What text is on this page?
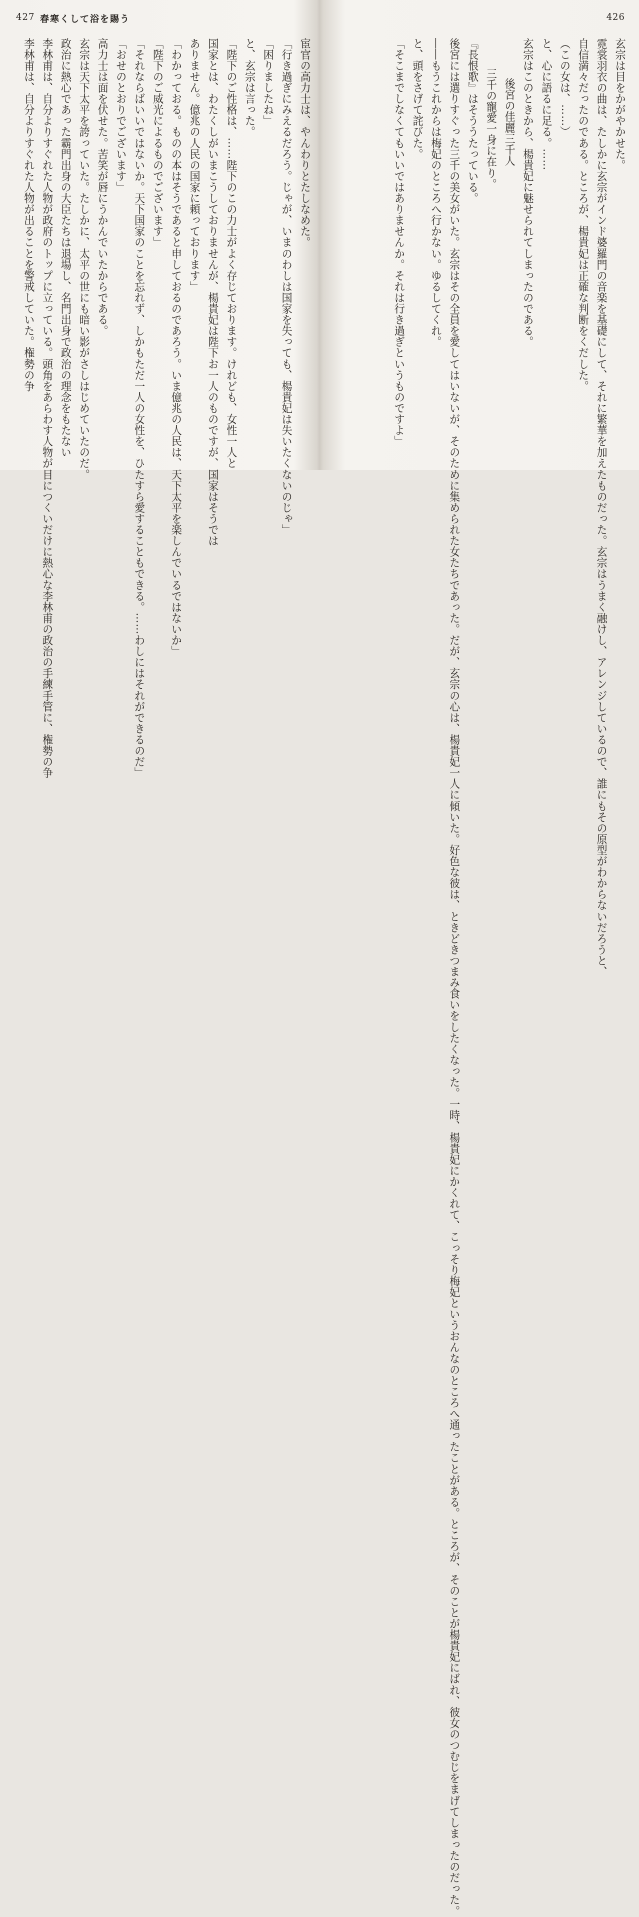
427 春寒くして浴を賜う
宦官の高力士は、やんわりとたしなめた。
「行き過ぎにみえるだろう。じゃが、いまのわしは国家を失っても、楊貴妃は失いたくないのじゃ」
「困りましたね」
と、玄宗は言った。
「陛下のご性格は、……陛下のこの力士がよく存じております。けれども、女性一人と
国家とは、わたくしがいまこうしておりませんが、楊貴妃は陛下お一人のものですが、国家はそうでは
ありません。億兆の人民の国家に頼っております」
「わかっておる。ものの本はそうであると申しておるのであろう。いま億兆の人民は、天下太平を楽しんでいるではないか」
「陛下のご威光によるものでございます」
「それならばいいではないか。天下国家のことを忘れず、しかもただ一人の女性を、ひたすら愛することもできる。……わしにはそれができるのだ」
「おせのとおりでございます」
高力士は面を伏せた。苦笑が唇にうかんでいたからである。
玄宗は天下太平を誇っていた。たしかに、太平の世にも暗い影がさしはじめていたのだ。
政治に熱心であった霸門出身の大臣たちは退場し、名門出身で政治の理念をもたない
李林甫は、自分よりすぐれた人物が政府のトップに立っている。頭角をあらわす人物が目につくいだけに熱心な李林甫の政治の手練手管に、権勢の争
李林甫は、自分よりすぐれた人物が出ることを警戒していた。権勢の争
426
玄宗は目をかがやかせた。
霓裳羽衣の曲は、たしかに玄宗がインド婆羅門の音楽を基礎にして、それに繁華を加えたものだった。玄宗はうまく融けし、アレンジしているので、誰にもその原型がわからないだろうと、
自信満々だったのである。ところが、楊貴妃は正確な判断をくだした。
（この女は、……）
と、心に語るに足る。……
玄宗はこのときから、楊貴妃に魅せられてしまったのである。
後宮の佳麗三千人
三千の寵愛一身に在り。
『長恨歌』はそううたっている。
後宮には選りすぐった三千の美女がいた。玄宗はその全員を愛してはいないが、そのために集められた女たちであった。だが、玄宗の心は、楊貴妃一人に傾いた。好色な彼は、ときどきつまみ食いをしたくなった。一時、楊貴妃にかくれて、こっそり梅妃というおんなのところへ通ったことがある。ところが、そのことが楊貴妃にばれ、彼女のつむじをまげてしまったのだった。
――もうこれからは梅妃のところへ行かない。ゆるしてくれ。
と、頭をさげて詫びた。
「そこまでしなくてもいいではありませんか。それは行き過ぎというものですよ」
